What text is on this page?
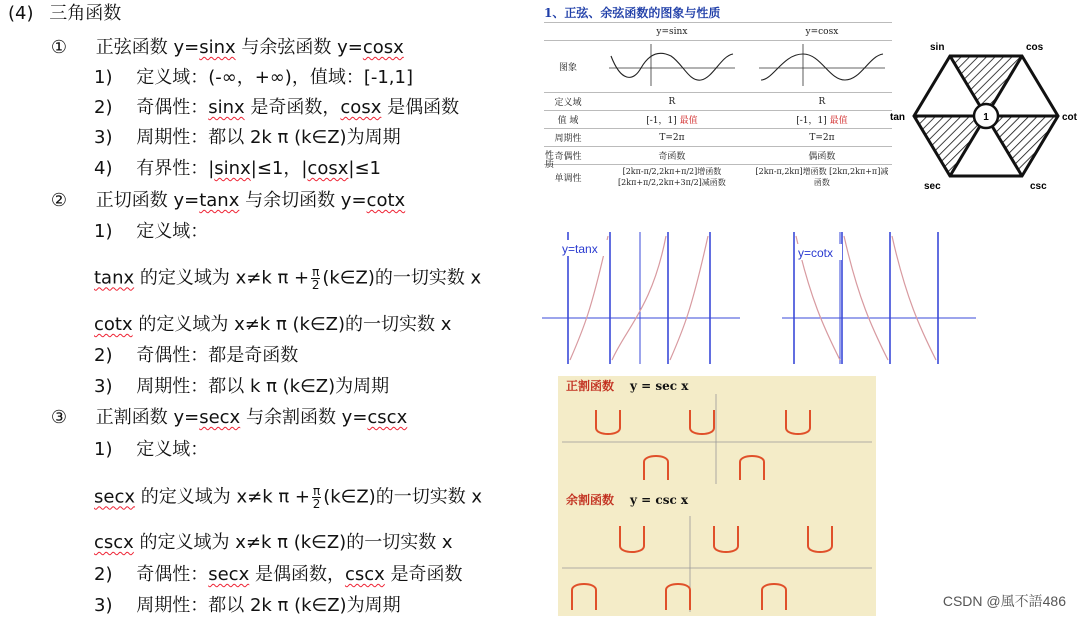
(4) 三角函数
① 正弦函数 y=sinx 与余弦函数 y=cosx
1) 定义域：(-∞，+∞)，值域：[-1,1]
2) 奇偶性：sinx 是奇函数，cosx 是偶函数
3) 周期性：都以 2k π (k∈Z)为周期
4) 有界性：|sinx|≤1，|cosx|≤1
② 正切函数 y=tanx 与余切函数 y=cotx
1) 定义域：
tanx 的定义域为 x≠k $\pi + \frac{\pi}{2}$ (k∈Z)的一切实数 x
cotx 的定义域为 x≠k π (k∈Z)的一切实数 x
2) 奇偶性：都是奇函数
3) 周期性：都以 k π (k∈Z)为周期
③ 正割函数 y=secx 与余割函数 y=cscx
1) 定义域：
secx 的定义域为 x≠k $\pi + \frac{\pi}{2}$ (k∈Z)的一切实数 x
cscx 的定义域为 x≠k π (k∈Z)的一切实数 x
2) 奇偶性：secx 是偶函数，cscx 是奇函数
3) 周期性：都以 2k π (k∈Z)为周期
1、正弦、余弦函数的图象与性质
	y=sinx	y=cosx
图象		
定义域	R	R
值 域	[-1，1] 最值	[-1，1] 最值
周期性	T=2π	T=2π
奇偶性	奇函数	偶函数
单调性	[2kπ-π/2,2kπ+π/2]增函数 [2kπ+π/2,2kπ+3π/2]减函数	[2kπ-π,2kπ]增函数 [2kπ,2kπ+π]减函数
性质
1
sin	cos
tan	cot
sec	csc
y=tanx	y=cotx
正割函数 y = sec x
余割函数 y = csc x
CSDN @風不語486
